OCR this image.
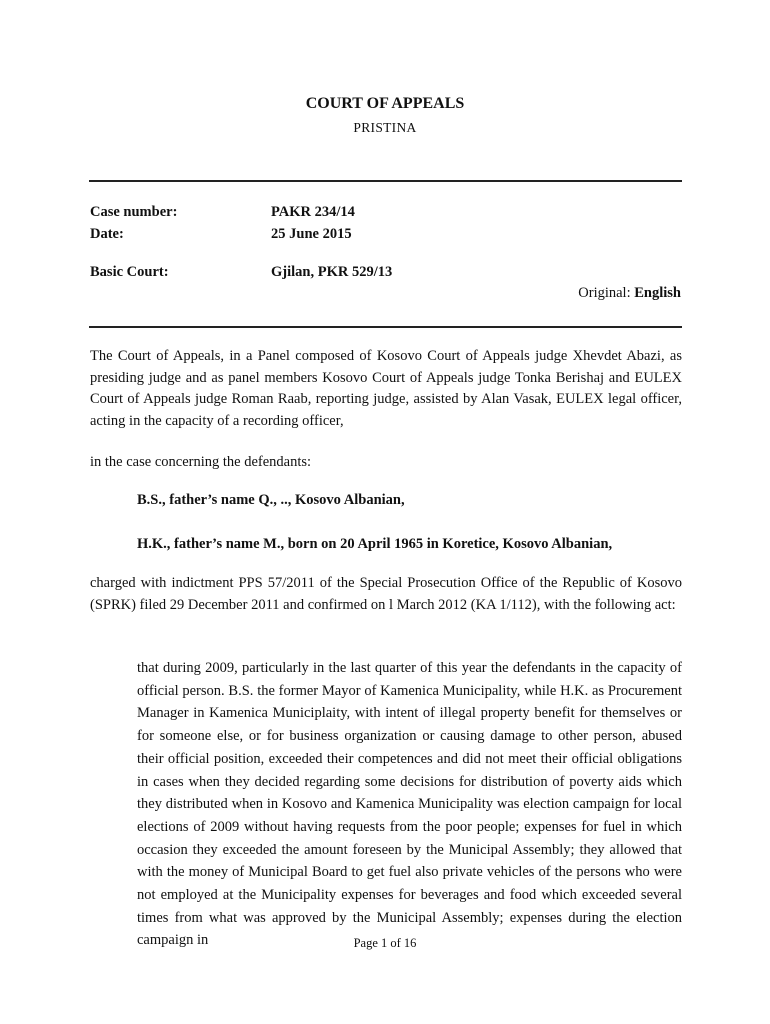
COURT OF APPEALS
PRISTINA
Case number:	PAKR 234/14
Date:	25 June 2015
Basic Court:	Gjilan, PKR 529/13
Original: English
The Court of Appeals, in a Panel composed of Kosovo Court of Appeals judge Xhevdet Abazi, as presiding judge and as panel members Kosovo Court of Appeals judge Tonka Berishaj and EULEX Court of Appeals judge Roman Raab, reporting judge, assisted by Alan Vasak, EULEX legal officer, acting in the capacity of a recording officer,
in the case concerning the defendants:
B.S., father’s name Q., .., Kosovo Albanian,
H.K., father’s name M., born on 20 April 1965 in Koretice, Kosovo Albanian,
charged with indictment PPS 57/2011 of the Special Prosecution Office of the Republic of Kosovo (SPRK) filed 29 December 2011 and confirmed on l March 2012 (KA 1/112), with the following act:
that during 2009, particularly in the last quarter of this year the defendants in the capacity of official person. B.S. the former Mayor of Kamenica Municipality, while H.K. as Procurement Manager in Kamenica Municiplaity, with intent of illegal property benefit for themselves or for someone else, or for business organization or causing damage to other person, abused their official position, exceeded their competences and did not meet their official obligations in cases when they decided regarding some decisions for distribution of poverty aids which they distributed when in Kosovo and Kamenica Municipality was election campaign for local elections of 2009 without having requests from the poor people; expenses for fuel in which occasion they exceeded the amount foreseen by the Municipal Assembly; they allowed that with the money of Municipal Board to get fuel also private vehicles of the persons who were not employed at the Municipality expenses for beverages and food which exceeded several times from what was approved by the Municipal Assembly; expenses during the election campaign in	Page 1 of 16
